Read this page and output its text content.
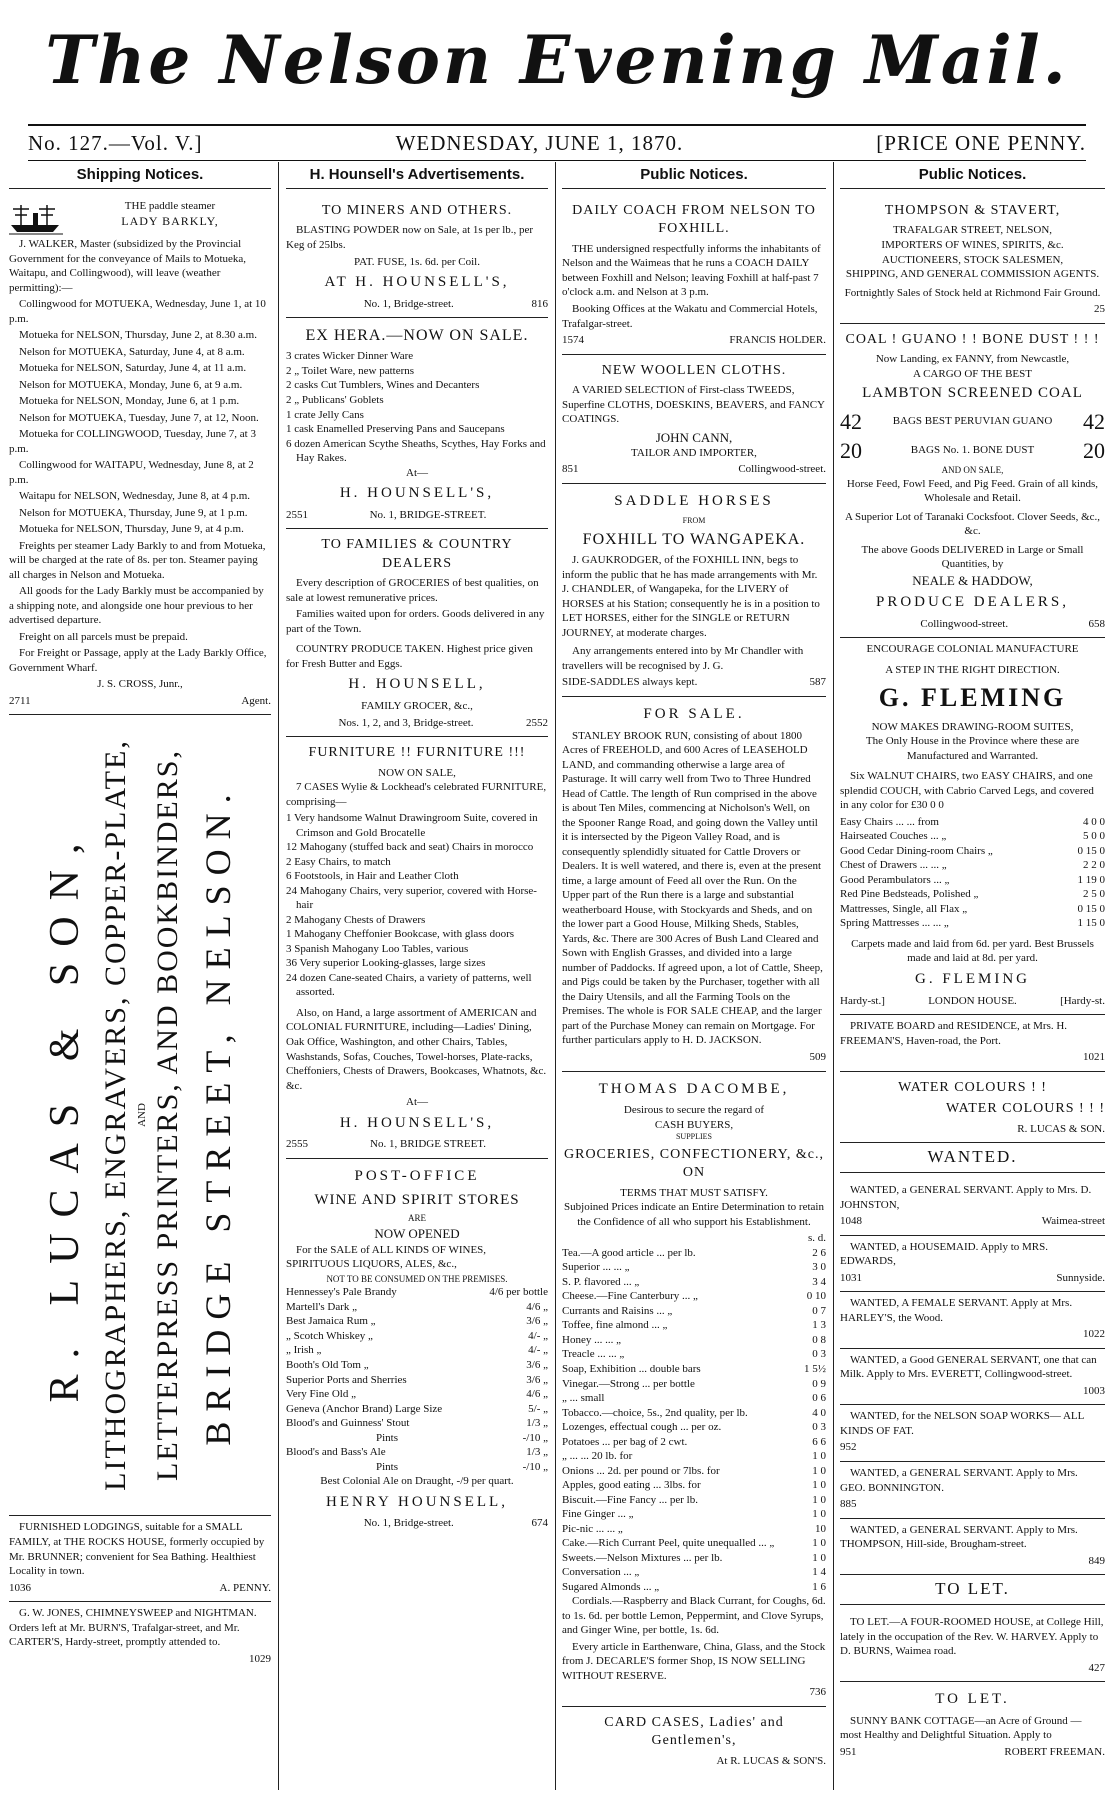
The Nelson Evening Mail.
No. 127.—Vol. V.]	WEDNESDAY, JUNE 1, 1870.	[PRICE ONE PENNY.
Shipping Notices.
THE paddle steamer
LADY BARKLY,

J. WALKER, Master (subsidized by the Provincial Government for the conveyance of Mails to Motueka, Waitapu, and Collingwood), will leave (weather permitting):—

Collingwood for MOTUEKA, Wednesday, June 1, at 10 p.m.

Motueka for NELSON, Thursday, June 2, at 8.30 a.m.

Nelson for MOTUEKA, Saturday, June 4, at 8 a.m.

Motueka for NELSON, Saturday, June 4, at 11 a.m.

Nelson for MOTUEKA, Monday, June 6, at 9 a.m.

Motueka for NELSON, Monday, June 6, at 1 p.m.

Nelson for MOTUEKA, Tuesday, June 7, at 12, Noon.

Motueka for COLLINGWOOD, Tuesday, June 7, at 3 p.m.

Collingwood for WAITAPU, Wednesday, June 8, at 2 p.m.

Waitapu for NELSON, Wednesday, June 8, at 4 p.m.

Nelson for MOTUEKA, Thursday, June 9, at 1 p.m.

Motueka for NELSON, Thursday, June 9, at 4 p.m.

Freights per steamer Lady Barkly to and from Motueka, will be charged at the rate of 8s. per ton. Steamer paying all charges in Nelson and Motueka.

All goods for the Lady Barkly must be accompanied by a shipping note, and alongside one hour previous to her advertised departure.

Freight on all parcels must be prepaid.

For Freight or Passage, apply at the Lady Barkly Office, Government Wharf.

J. S. CROSS, Junr.,
2711	Agent.
R. LUCAS & SON, LITHOGRAPHERS, ENGRAVERS, COPPER-PLATE, AND LETTERPRESS PRINTERS, AND BOOKBINDERS, BRIDGE STREET, NELSON.

FURNISHED LODGINGS, suitable for a SMALL FAMILY, at THE ROCKS HOUSE, formerly occupied by Mr. BRUNNER; convenient for Sea Bathing. Healthiest Locality in town.

1036	A. PENNY.

G. W. JONES, CHIMNEYSWEEP and NIGHTMAN. Orders left at Mr. BURN'S, Trafalgar-street, and Mr. CARTER'S, Hardy-street, promptly attended to.

1029
H. Hounsell's Advertisements.
TO MINERS AND OTHERS.

BLASTING POWDER now on Sale, at 1s per lb., per Keg of 25lbs.

PAT. FUSE, 1s. 6d. per Coil.
AT H. HOUNSELL'S,
No. 1, Bridge-street.	816
EX HERA.—NOW ON SALE.
3 crates Wicker Dinner Ware
2 „ Toilet Ware, new patterns
2 casks Cut Tumblers, Wines and Decanters
2 „ Publicans' Goblets
1 crate Jelly Cans
1 cask Enamelled Preserving Pans and Saucepans
6 dozen American Scythe Sheaths, Scythes, Hay Forks and Hay Rakes.
At—
H. HOUNSELL'S,
2551	No. 1, BRIDGE-STREET.
TO FAMILIES & COUNTRY DEALERS

Every description of GROCERIES of best qualities, on sale at lowest remunerative prices.

Families waited upon for orders. Goods delivered in any part of the Town.

COUNTRY PRODUCE TAKEN. Highest price given for Fresh Butter and Eggs.

H. HOUNSELL,
FAMILY GROCER, &c.,
Nos. 1, 2, and 3, Bridge-street.	2552
FURNITURE !! FURNITURE !!!
NOW ON SALE,

7 CASES Wylie & Lockhead's celebrated FURNITURE, comprising—

1 Very handsome Walnut Drawingroom Suite, covered in Crimson and Gold Brocatelle
12 Mahogany (stuffed back and seat) Chairs in morocco
2 Easy Chairs, to match
6 Footstools, in Hair and Leather Cloth
24 Mahogany Chairs, very superior, covered with Horse-hair
2 Mahogany Chests of Drawers
1 Mahogany Cheffonier Bookcase, with glass doors
3 Spanish Mahogany Loo Tables, various
36 Very superior Looking-glasses, large sizes
24 dozen Cane-seated Chairs, a variety of patterns, well assorted.

Also, on Hand, a large assortment of AMERICAN and COLONIAL FURNITURE, including—Ladies' Dining, Oak Office, Washington, and other Chairs, Tables, Washstands, Sofas, Couches, Towel-horses, Plate-racks, Cheffoniers, Chests of Drawers, Bookcases, Whatnots, &c. &c.

At—
H. HOUNSELL'S,
2555	No. 1, BRIDGE STREET.
POST-OFFICE
WINE AND SPIRIT STORES
ARE
NOW OPENED

For the SALE of ALL KINDS OF WINES, SPIRITUOUS LIQUORS, ALES, &c.,

NOT TO BE CONSUMED ON THE PREMISES.
Hennessey's Pale Brandy	4/6 per bottle
Martell's Dark „	4/6 „
Best Jamaica Rum „	3/6 „
„ Scotch Whiskey „	4/- „
„ Irish „	4/- „
Booth's Old Tom „	3/6 „
Superior Ports and Sherries	3/6 „
Very Fine Old „	4/6 „
Geneva (Anchor Brand) Large Size	5/- „
Blood's and Guinness' Stout	1/3 „
Pints	-/10 „
Blood's and Bass's Ale	1/3 „
Pints	-/10 „
Best Colonial Ale on Draught, -/9 per quart.
HENRY HOUNSELL,
No. 1, Bridge-street.	674
Public Notices.
DAILY COACH FROM NELSON TO FOXHILL.

THE undersigned respectfully informs the inhabitants of Nelson and the Waimeas that he runs a COACH DAILY between Foxhill and Nelson; leaving Foxhill at half-past 7 o'clock a.m. and Nelson at 3 p.m.

Booking Offices at the Wakatu and Commercial Hotels, Trafalgar-street.

1574	FRANCIS HOLDER.
NEW WOOLLEN CLOTHS.

A VARIED SELECTION of First-class TWEEDS, Superfine CLOTHS, DOESKINS, BEAVERS, and FANCY COATINGS.

JOHN CANN,
TAILOR AND IMPORTER,
851	Collingwood-street.
SADDLE HORSES
FROM
FOXHILL TO WANGAPEKA.

J. GAUKRODGER, of the FOXHILL INN, begs to inform the public that he has made arrangements with Mr. J. CHANDLER, of Wangapeka, for the LIVERY of HORSES at his Station; consequently he is in a position to LET HORSES, either for the SINGLE or RETURN JOURNEY, at moderate charges.

Any arrangements entered into by Mr Chandler with travellers will be recognised by J. G.

SIDE-SADDLES always kept.	587
FOR SALE.

STANLEY BROOK RUN, consisting of about 1800 Acres of FREEHOLD, and 600 Acres of LEASEHOLD LAND, and commanding otherwise a large area of Pasturage. It will carry well from Two to Three Hundred Head of Cattle. The length of Run comprised in the above is about Ten Miles, commencing at Nicholson's Well, on the Spooner Range Road, and going down the Valley until it is intersected by the Pigeon Valley Road, and is consequently splendidly situated for Cattle Drovers or Dealers. It is well watered, and there is, even at the present time, a large amount of Feed all over the Run. On the Upper part of the Run there is a large and substantial weatherboard House, with Stockyards and Sheds, and on the lower part a Good House, Milking Sheds, Stables, Yards, &c. There are 300 Acres of Bush Land Cleared and Sown with English Grasses, and divided into a large number of Paddocks. If agreed upon, a lot of Cattle, Sheep, and Pigs could be taken by the Purchaser, together with all the Dairy Utensils, and all the Farming Tools on the Premises. The whole is FOR SALE CHEAP, and the larger part of the Purchase Money can remain on Mortgage. For further particulars apply to H. D. JACKSON.

509
THOMAS DACOMBE,
Desirous to secure the regard of
CASH BUYERS,
SUPPLIES
GROCERIES, CONFECTIONERY, &c., ON
TERMS THAT MUST SATISFY.

Subjoined Prices indicate an Entire Determination to retain the Confidence of all who support his Establishment.

s. d.
Tea.—A good article ... per lb.	2 6
Superior ... ... „	3 0
S. P. flavored ... „	3 4
Cheese.—Fine Canterbury ... „	0 10
Currants and Raisins ... „	0 7
Toffee, fine almond ... „	1 3
Honey ... ... „	0 8
Treacle ... ... „	0 3
Soap, Exhibition ... double bars	1 5½
Vinegar.—Strong ... per bottle	0 9
„ ... small	0 6
Tobacco.—choice, 5s., 2nd quality, per lb.	4 0
Lozenges, effectual cough ... per oz.	0 3
Potatoes ... per bag of 2 cwt.	6 6
„ ... ... 20 lb. for	1 0
Onions ... 2d. per pound or 7lbs. for	1 0
Apples, good eating ... 3lbs. for	1 0
Biscuit.—Fine Fancy ... per lb.	1 0
Fine Ginger ... „	1 0
Pic-nic ... ... „	10
Cake.—Rich Currant Peel, quite unequalled ... „	1 0
Sweets.—Nelson Mixtures ... per lb.	1 0
Conversation ... „	1 4
Sugared Almonds ... „	1 6

Cordials.—Raspberry and Black Currant, for Coughs, 6d. to 1s. 6d. per bottle Lemon, Peppermint, and Clove Syrups, and Ginger Wine, per bottle, 1s. 6d.

Every article in Earthenware, China, Glass, and the Stock from J. DECARLE'S former Shop, IS NOW SELLING WITHOUT RESERVE.

736
CARD CASES, Ladies' and Gentlemen's,
At R. LUCAS & SON'S.
Public Notices.
THOMPSON & STAVERT,
TRAFALGAR STREET, NELSON,
IMPORTERS OF WINES, SPIRITS, &c.
AUCTIONEERS, STOCK SALESMEN,
SHIPPING, AND GENERAL COMMISSION AGENTS.
Fortnightly Sales of Stock held at Richmond Fair Ground.
25
COAL ! GUANO ! ! BONE DUST ! ! !
Now Landing, ex FANNY, from Newcastle,
A CARGO OF THE BEST
LAMBTON SCREENED COAL
42	BAGS BEST PERUVIAN GUANO 42
20	BAGS No. 1. BONE DUST 20
AND ON SALE,
Horse Feed, Fowl Feed, and Pig Feed. Grain of all kinds, Wholesale and Retail.
A Superior Lot of Taranaki Cocksfoot. Clover Seeds, &c., &c.
The above Goods DELIVERED in Large or Small Quantities, by
NEALE & HADDOW,
PRODUCE DEALERS,
Collingwood-street.	658
ENCOURAGE COLONIAL MANUFACTURE
A STEP IN THE RIGHT DIRECTION.
G. FLEMING
NOW MAKES DRAWING-ROOM SUITES,
The Only House in the Province where these are Manufactured and Warranted.

Six WALNUT CHAIRS, two EASY CHAIRS, and one splendid COUCH, with Cabrio Carved Legs, and covered in any color for £30 0 0

Easy Chairs ... ... from	4 0 0
Hairseated Couches ... „	5 0 0
Good Cedar Dining-room Chairs „	0 15 0
Chest of Drawers ... ... „	2 2 0
Good Perambulators ... „	1 19 0
Red Pine Bedsteads, Polished „	2 5 0
Mattresses, Single, all Flax „	0 15 0
Spring Mattresses ... ... „	1 15 0

Carpets made and laid from 6d. per yard. Best Brussels made and laid at 8d. per yard.

G. FLEMING
Hardy-st.]	LONDON HOUSE.	[Hardy-st.

PRIVATE BOARD and RESIDENCE, at Mrs. H. FREEMAN'S, Haven-road, the Port.

1021
WATER COLOURS ! !
WATER COLOURS ! ! !
R. LUCAS & SON.
WANTED.

WANTED, a GENERAL SERVANT. Apply to Mrs. D. JOHNSTON,

1048	Waimea-street

WANTED, a HOUSEMAID. Apply to MRS. EDWARDS,

1031	Sunnyside.

WANTED, A FEMALE SERVANT. Apply at Mrs. HARLEY'S, the Wood.

1022

WANTED, a Good GENERAL SERVANT, one that can Milk. Apply to Mrs. EVERETT, Collingwood-street.

1003

WANTED, for the NELSON SOAP WORKS— ALL KINDS OF FAT.

952

WANTED, a GENERAL SERVANT. Apply to Mrs. GEO. BONNINGTON.

885

WANTED, a GENERAL SERVANT. Apply to Mrs. THOMPSON, Hill-side, Brougham-street.

849
TO LET.

TO LET.—A FOUR-ROOMED HOUSE, at College Hill, lately in the occupation of the Rev. W. HARVEY. Apply to D. BURNS, Waimea road.

427
TO LET.

SUNNY BANK COTTAGE—an Acre of Ground — most Healthy and Delightful Situation. Apply to

951	ROBERT FREEMAN.
